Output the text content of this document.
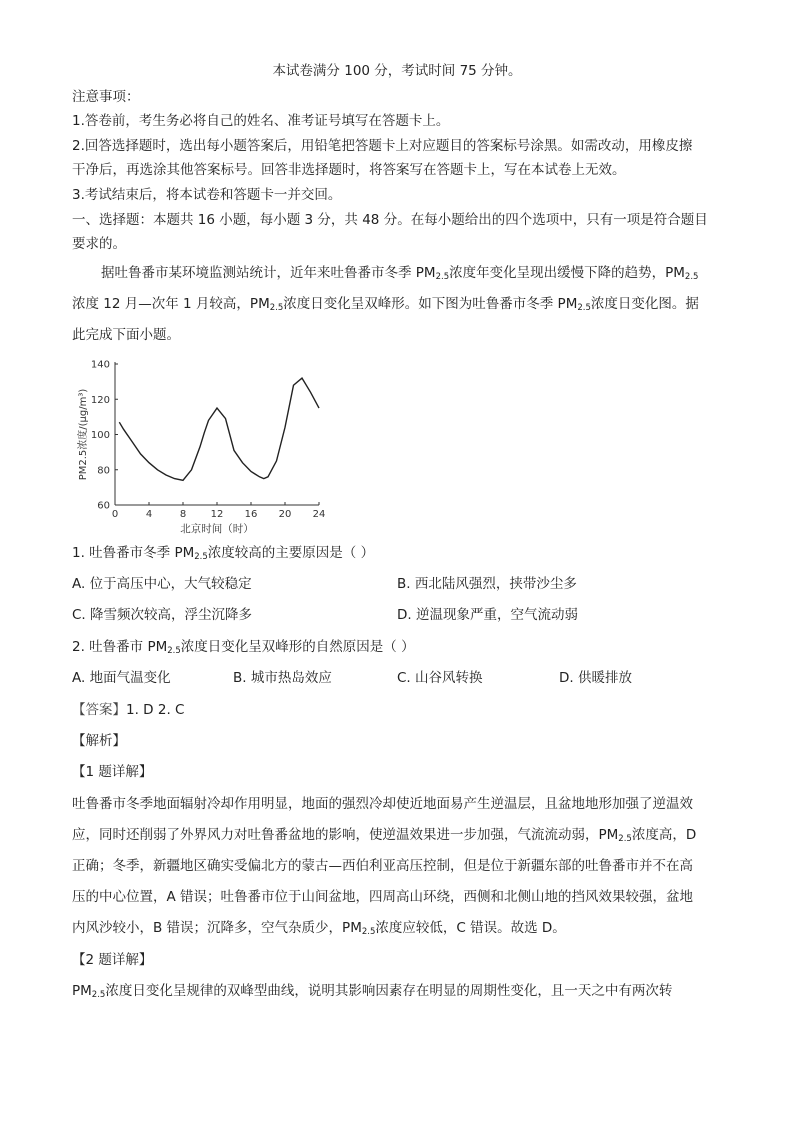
本试卷满分 100 分，考试时间 75 分钟。
注意事项：
1.答卷前，考生务必将自己的姓名、准考证号填写在答题卡上。
2.回答选择题时，选出每小题答案后，用铅笔把答题卡上对应题目的答案标号涂黑。如需改动，用橡皮擦
干净后，再选涂其他答案标号。回答非选择题时，将答案写在答题卡上，写在本试卷上无效。
3.考试结束后，将本试卷和答题卡一并交回。
一、选择题：本题共 16 小题，每小题 3 分，共 48 分。在每小题给出的四个选项中，只有一项是符合题目
要求的。
据吐鲁番市某环境监测站统计，近年来吐鲁番市冬季 $PM_{2.5}$浓度年变化呈现出缓慢下降的趋势，$PM_{2.5}$
浓度 12 月—次年 1 月较高，$PM_{2.5}$浓度日变化呈双峰形。如下图为吐鲁番市冬季 $PM_{2.5}$浓度日变化图。据
此完成下面小题。
0	4	8 12 16 20 24
60
80
100
120
140
北京时间（时）
PM2.5浓度/(μg/m³)
1. 吐鲁番市冬季 $PM_{2.5}$浓度较高的主要原因是（ ）
A. 位于高压中心，大气较稳定	B. 西北陆风强烈，挟带沙尘多
C. 降雪频次较高，浮尘沉降多	D. 逆温现象严重，空气流动弱
2. 吐鲁番市 $PM_{2.5}$浓度日变化呈双峰形的自然原因是（ ）
A. 地面气温变化	B. 城市热岛效应	C. 山谷风转换	D. 供暖排放
【答案】1. D 2. C
【解析】
【1 题详解】
吐鲁番市冬季地面辐射冷却作用明显，地面的强烈冷却使近地面易产生逆温层，且盆地地形加强了逆温效
应，同时还削弱了外界风力对吐鲁番盆地的影响，使逆温效果进一步加强，气流流动弱，$PM_{2.5}$浓度高，D
正确；冬季，新疆地区确实受偏北方的蒙古—西伯利亚高压控制，但是位于新疆东部的吐鲁番市并不在高
压的中心位置，A 错误；吐鲁番市位于山间盆地，四周高山环绕，西侧和北侧山地的挡风效果较强，盆地
内风沙较小，B 错误；沉降多，空气杂质少，$PM_{2.5}$浓度应较低，C 错误。故选 D。
【2 题详解】
$PM_{2.5}$浓度日变化呈规律的双峰型曲线，说明其影响因素存在明显的周期性变化，且一天之中有两次转
